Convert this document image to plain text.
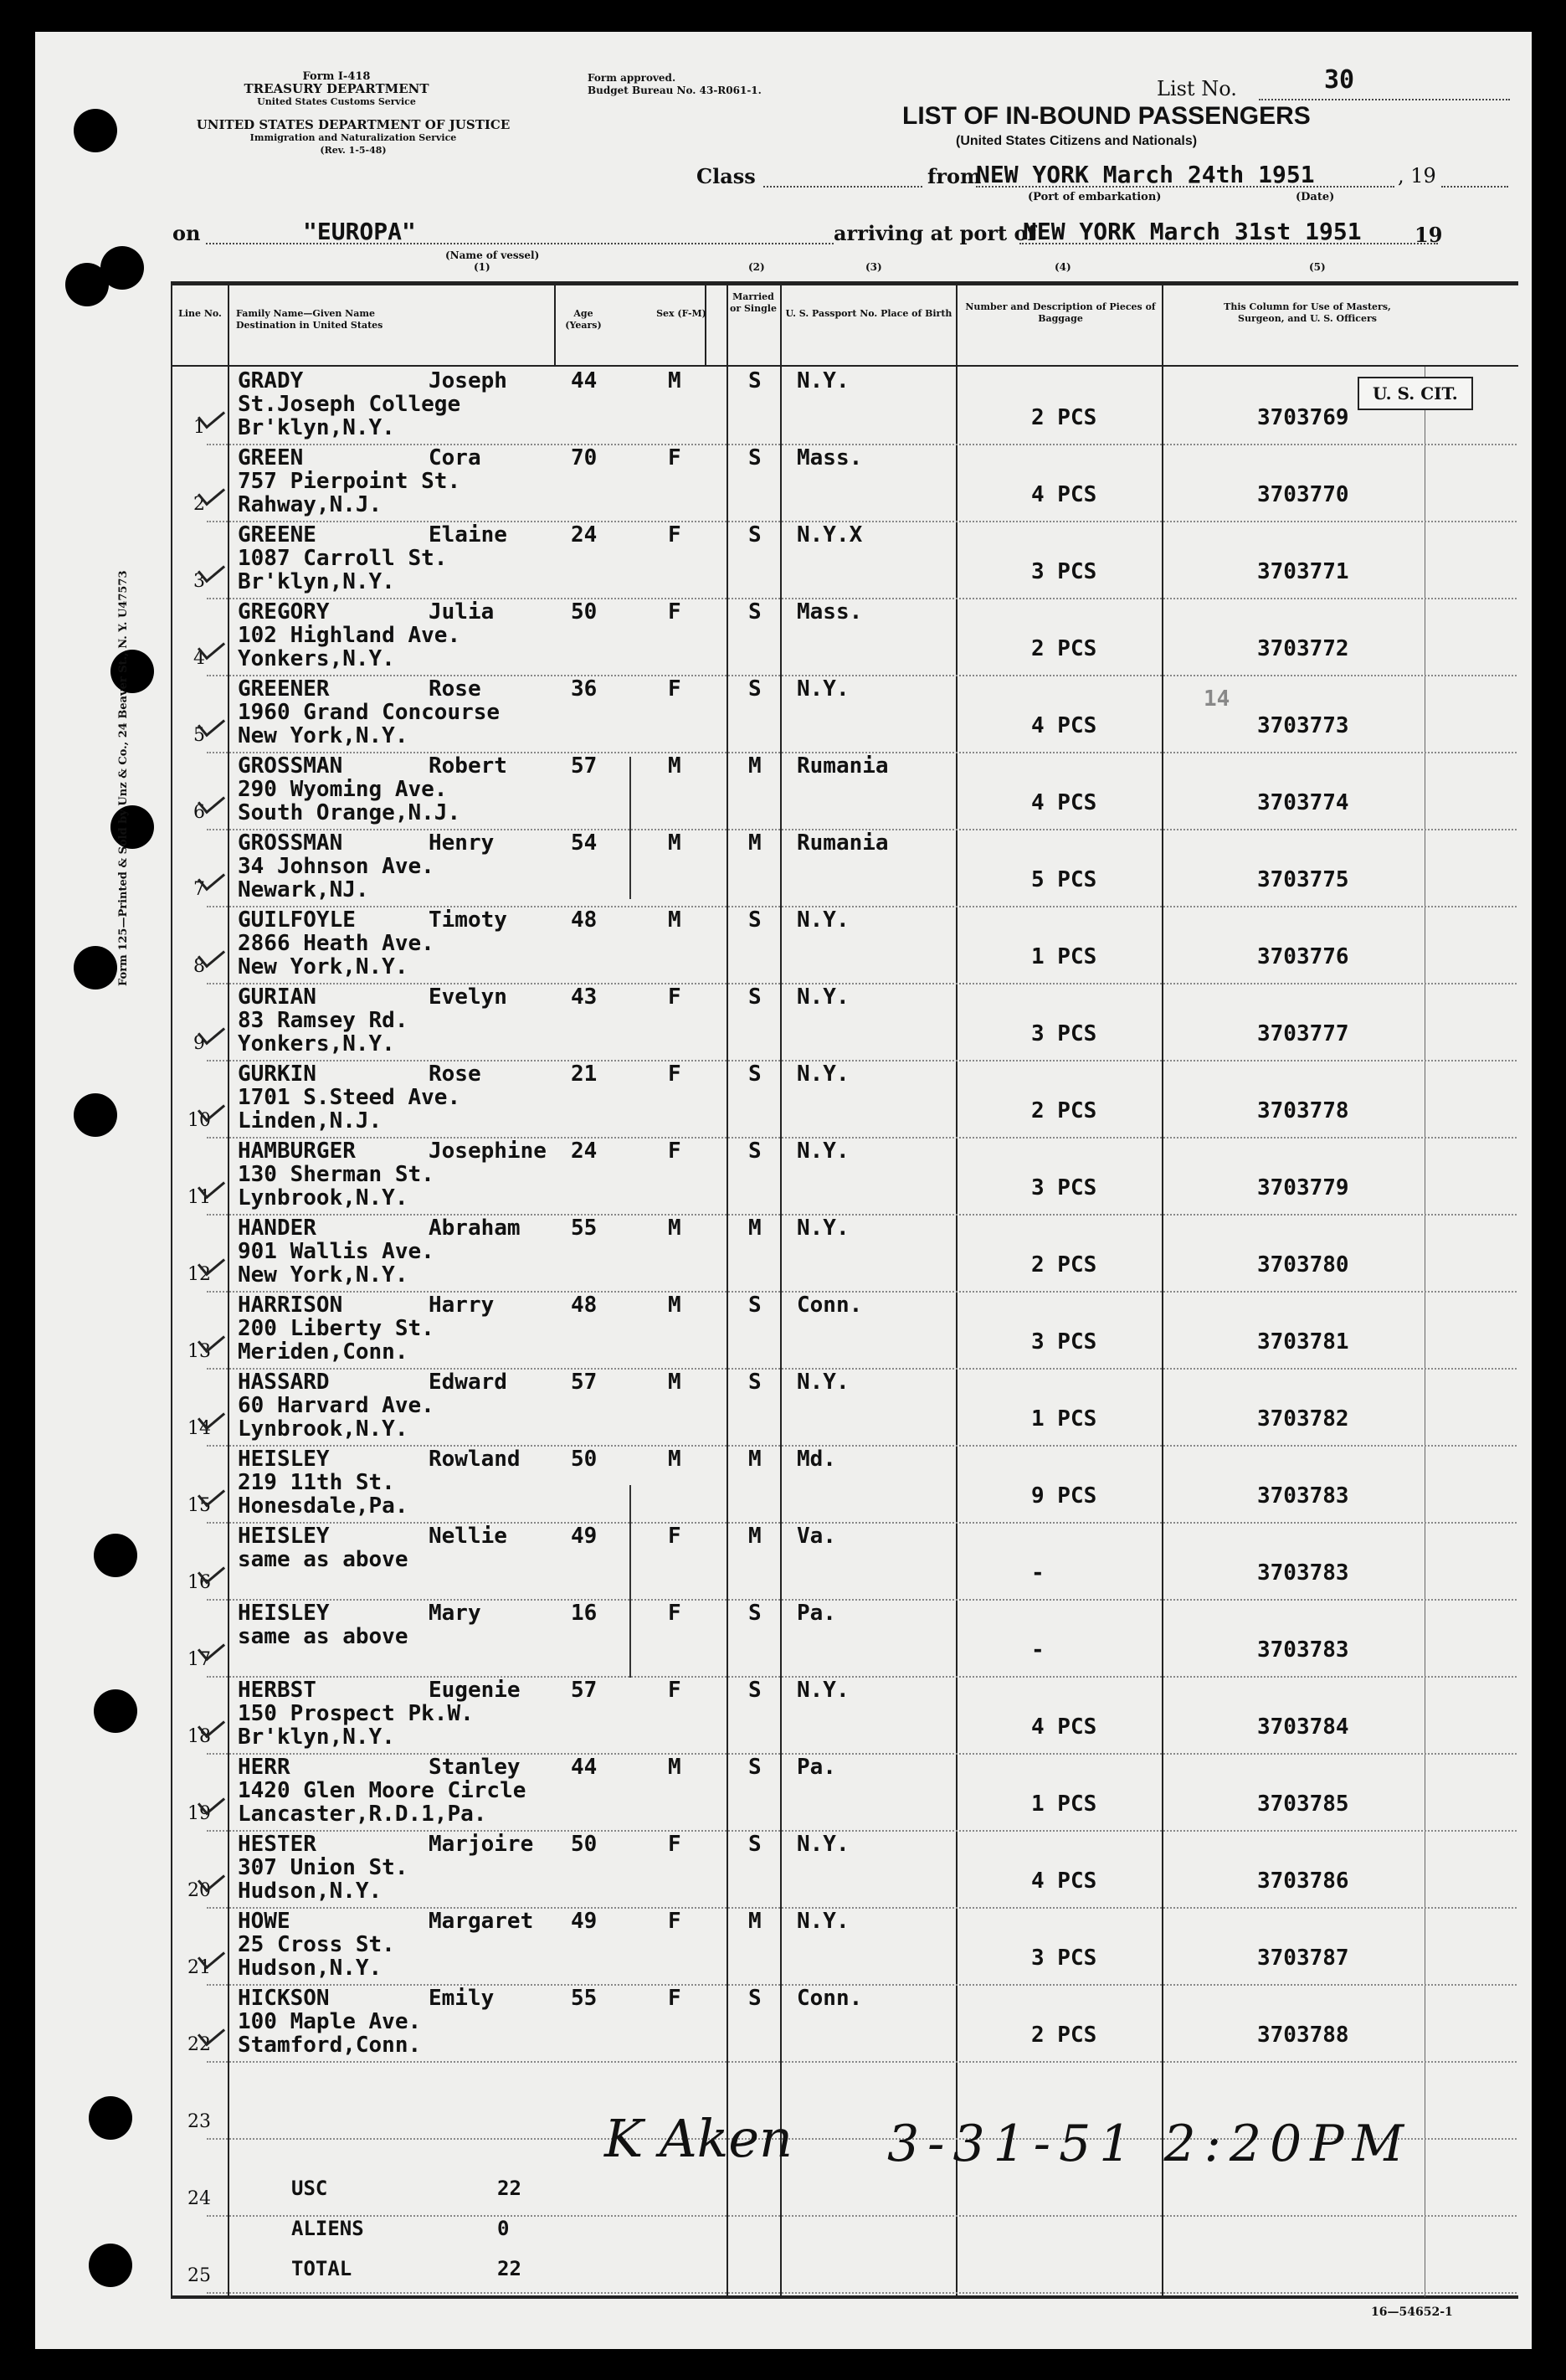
Form 125—Printed & Sold by Unz & Co., 24 Beaver St., N. Y. U47573
Form I-418
TREASURY DEPARTMENT
United States Customs Service
UNITED STATES DEPARTMENT OF JUSTICE
Immigration and Naturalization Service
(Rev. 1-5-48)
Form approved.
Budget Bureau No. 43-R061-1.	List No.	30
LIST OF IN-BOUND PASSENGERS
(United States Citizens and Nationals)
Class	from
NEW YORK March 24th 1951	, 19
(Port of embarkation)	(Date)
on	"EUROPA"
(Name of vessel)
(1)
arriving at port of
NEW YORK March 31st 1951	19
(2)	(3)	(4)	(5)
Line No. Family Name—Given Name Destination in United States
Age (Years)
Sex (F-M)
Married or Single U. S. Passport No. Place of Birth
Number and Description of Pieces of Baggage
This Column for Use of Masters, Surgeon, and U. S. Officers
U. S. CIT.
1
GRADY	Joseph
St.Joseph College
Br'klyn,N.Y.
44	M	S N.Y.
2 PCS	3703769
2
GREEN	Cora
757 Pierpoint St.
Rahway,N.J.
70	F	S Mass.
4 PCS	3703770
3
GREENE	Elaine
1087 Carroll St.
Br'klyn,N.Y.
24	F	S N.Y.X
3 PCS	3703771
4
GREGORY	Julia
102 Highland Ave.
Yonkers,N.Y.
50	F	S Mass.
2 PCS	3703772
5
GREENER	Rose
1960 Grand Concourse
New York,N.Y.
36	F	S N.Y.
4 PCS	3703773
6
GROSSMAN	Robert
290 Wyoming Ave.
South Orange,N.J.
57	M	M Rumania
4 PCS	3703774
7
GROSSMAN	Henry
34 Johnson Ave.
Newark,NJ.
54	M	M Rumania
5 PCS	3703775
8
GUILFOYLE	Timoty
2866 Heath Ave.
New York,N.Y.
48	M	S N.Y.
1 PCS	3703776
9
GURIAN	Evelyn
83 Ramsey Rd.
Yonkers,N.Y.
43	F	S N.Y.
3 PCS	3703777
10
GURKIN	Rose
1701 S.Steed Ave.
Linden,N.J.
21	F	S N.Y.
2 PCS	3703778
11
HAMBURGER	Josephine
130 Sherman St.
Lynbrook,N.Y.
24	F	S N.Y.
3 PCS	3703779
12
HANDER	Abraham
901 Wallis Ave.
New York,N.Y.
55	M	M N.Y.
2 PCS	3703780
13
HARRISON	Harry
200 Liberty St.
Meriden,Conn.
48	M	S Conn.
3 PCS	3703781
14
HASSARD	Edward
60 Harvard Ave.
Lynbrook,N.Y.
57	M	S N.Y.
1 PCS	3703782
15
HEISLEY	Rowland
219 11th St.
Honesdale,Pa.
50	M	M Md.
9 PCS	3703783
16
HEISLEY	Nellie
same as above
49	F	M Va.
-	3703783
17
HEISLEY	Mary
same as above
16	F	S Pa.
-	3703783
18
HERBST	Eugenie
150 Prospect Pk.W.
Br'klyn,N.Y.
57	F	S N.Y.
4 PCS	3703784
19
HERR	Stanley
1420 Glen Moore Circle
Lancaster,R.D.1,Pa.
44	M	S Pa.
1 PCS	3703785
20
HESTER	Marjoire
307 Union St.
Hudson,N.Y.
50	F	S N.Y.
4 PCS	3703786
21
HOWE	Margaret
25 Cross St.
Hudson,N.Y.
49	F	M N.Y.
3 PCS	3703787
22
HICKSON	Emily
100 Maple Ave.
Stamford,Conn.
55	F	S Conn.
2 PCS	3703788
23
24
25
K Aken 3-31-51 2:20PM
USC	22
ALIENS	0
TOTAL	22
14
16—54652-1
